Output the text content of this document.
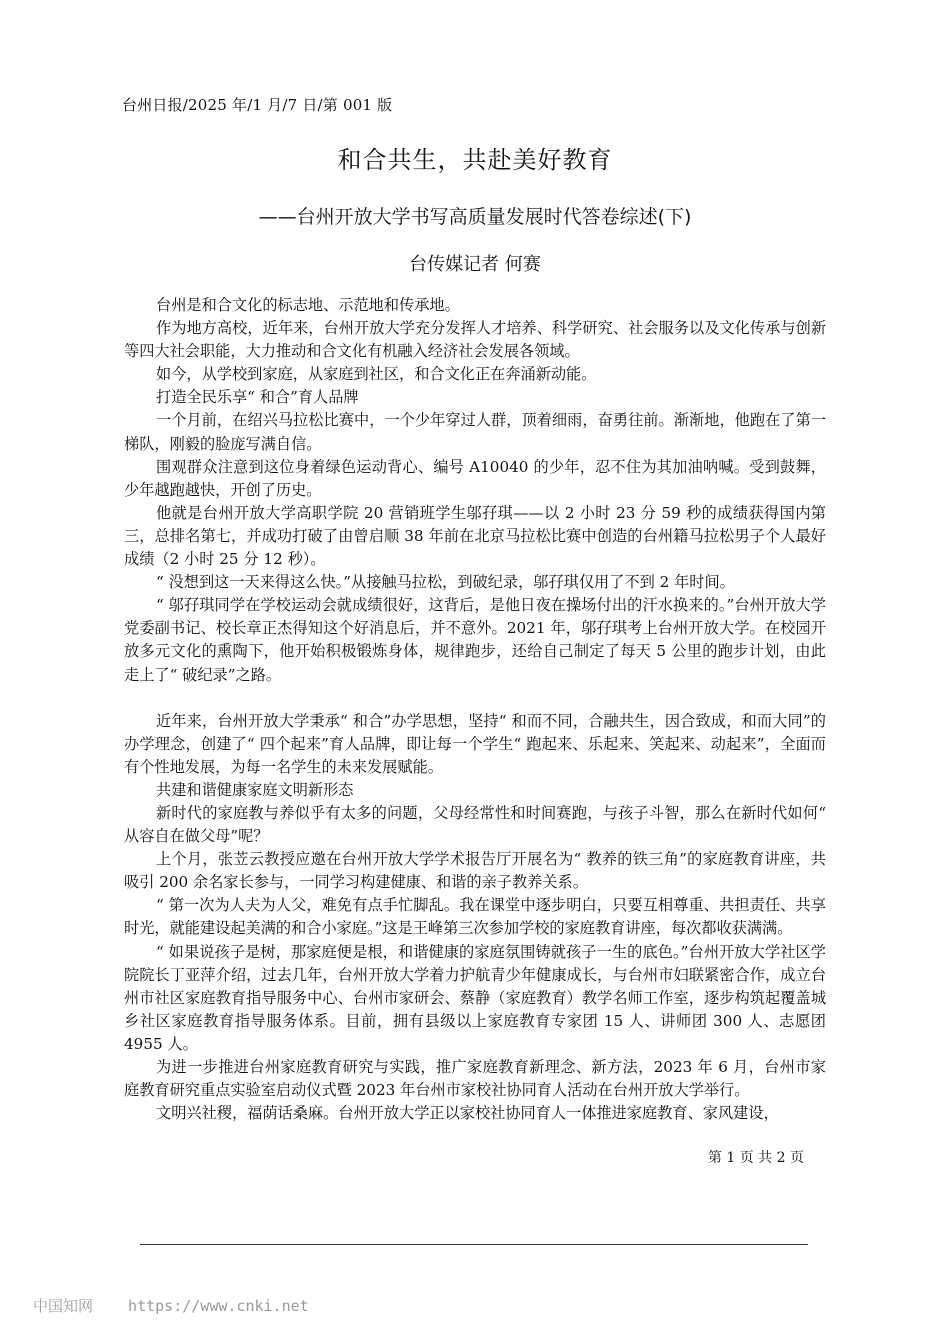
台州日报/2025 年/1 月/7 日/第 001 版
和合共生，共赴美好教育
——台州开放大学书写高质量发展时代答卷综述(下)
台传媒记者 何赛

台州是和合文化的标志地、示范地和传承地。

作为地方高校，近年来，台州开放大学充分发挥人才培养、科学研究、社会服务以及文化传承与创新等四大社会职能，大力推动和合文化有机融入经济社会发展各领域。

如今，从学校到家庭，从家庭到社区，和合文化正在奔涌新动能。

打造全民乐享“ 和合”育人品牌

一个月前，在绍兴马拉松比赛中，一个少年穿过人群，顶着细雨，奋勇往前。渐渐地，他跑在了第一梯队，刚毅的脸庞写满自信。

围观群众注意到这位身着绿色运动背心、编号 A10040 的少年，忍不住为其加油呐喊。受到鼓舞，少年越跑越快，开创了历史。

他就是台州开放大学高职学院 20 营销班学生邬孖琪——以 2 小时 23 分 59 秒的成绩获得国内第三，总排名第七，并成功打破了由曾启顺 38 年前在北京马拉松比赛中创造的台州籍马拉松男子个人最好成绩（2 小时 25 分 12 秒）。

“ 没想到这一天来得这么快。”从接触马拉松，到破纪录，邬孖琪仅用了不到 2 年时间。

“ 邬孖琪同学在学校运动会就成绩很好，这背后，是他日夜在操场付出的汗水换来的。”台州开放大学党委副书记、校长章正杰得知这个好消息后，并不意外。2021 年，邬孖琪考上台州开放大学。在校园开放多元文化的熏陶下，他开始积极锻炼身体，规律跑步，还给自己制定了每天 5 公里的跑步计划，由此走上了“ 破纪录”之路。

近年来，台州开放大学秉承“ 和合”办学思想，坚持“ 和而不同，合融共生，因合致成，和而大同”的办学理念，创建了“ 四个起来”育人品牌，即让每一个学生“ 跑起来、乐起来、笑起来、动起来”，全面而有个性地发展，为每一名学生的未来发展赋能。

共建和谐健康家庭文明新形态

新时代的家庭教与养似乎有太多的问题，父母经常性和时间赛跑，与孩子斗智，那么在新时代如何“ 从容自在做父母”呢？

上个月，张苙云教授应邀在台州开放大学学术报告厅开展名为“ 教养的铁三角”的家庭教育讲座，共吸引 200 余名家长参与，一同学习构建健康、和谐的亲子教养关系。

“ 第一次为人夫为人父，难免有点手忙脚乱。我在课堂中逐步明白，只要互相尊重、共担责任、共享时光，就能建设起美满的和合小家庭。”这是王峰第三次参加学校的家庭教育讲座，每次都收获满满。

“ 如果说孩子是树，那家庭便是根，和谐健康的家庭氛围铸就孩子一生的底色。”台州开放大学社区学院院长丁亚萍介绍，过去几年，台州开放大学着力护航青少年健康成长，与台州市妇联紧密合作，成立台州市社区家庭教育指导服务中心、台州市家研会、蔡静（家庭教育）教学名师工作室，逐步构筑起覆盖城乡社区家庭教育指导服务体系。目前，拥有县级以上家庭教育专家团 15 人、讲师团 300 人、志愿团 4955 人。

为进一步推进台州家庭教育研究与实践，推广家庭教育新理念、新方法，2023 年 6 月，台州市家庭教育研究重点实验室启动仪式暨 2023 年台州市家校社协同育人活动在台州开放大学举行。

文明兴社稷，福荫话桑麻。台州开放大学正以家校社协同育人一体推进家庭教育、家风建设，

第 1 页 共 2 页
中国知网 https://www.cnki.net
